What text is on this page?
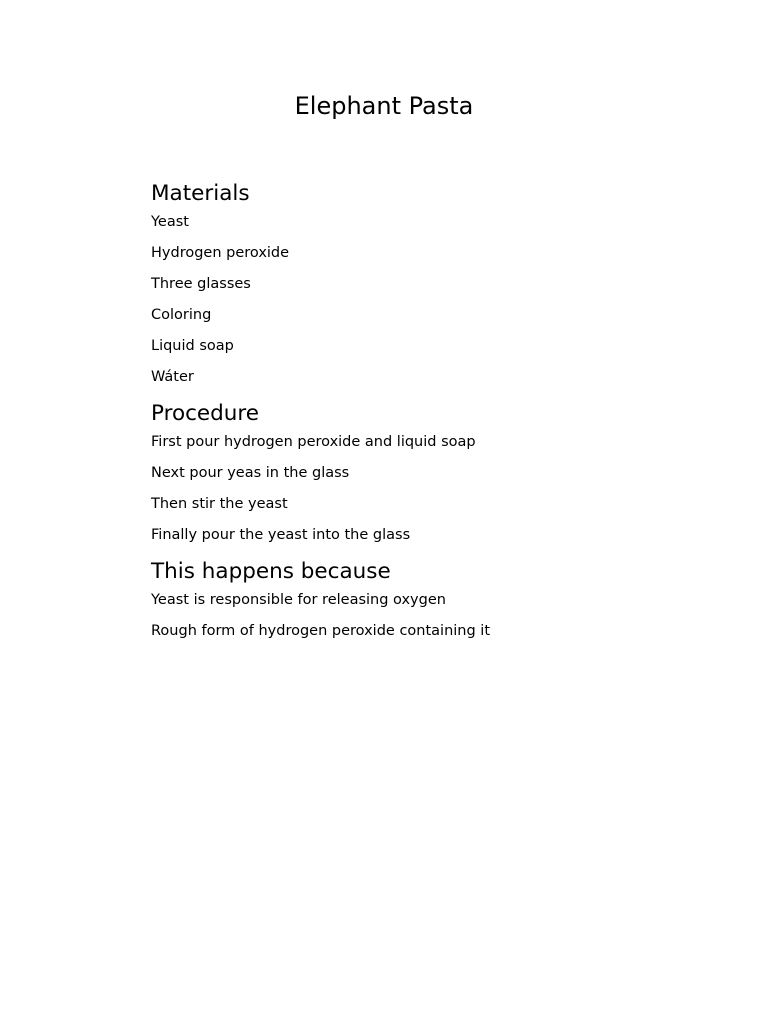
Elephant Pasta
Materials
Yeast
Hydrogen peroxide
Three glasses
Coloring
Liquid soap
Wáter
Procedure
First pour hydrogen peroxide and liquid soap
Next pour yeas in the glass
Then stir the yeast
Finally pour the yeast into the glass
This happens because
Yeast is responsible for releasing oxygen
Rough form of hydrogen peroxide containing it
